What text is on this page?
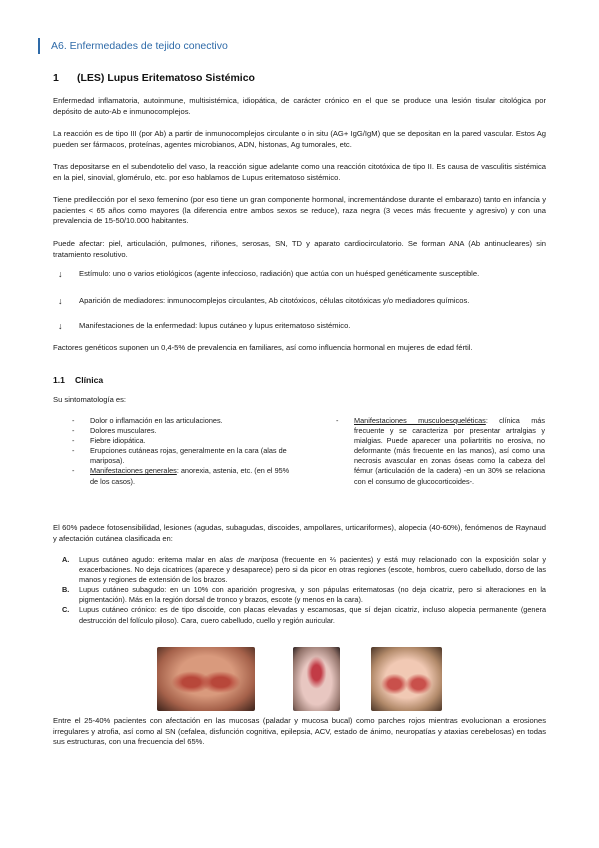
A6. Enfermedades de tejido conectivo
1 (LES) Lupus Eritematoso Sistémico
Enfermedad inflamatoria, autoinmune, multisistémica, idiopática, de carácter crónico en el que se produce una lesión tisular citológica por depósito de auto-Ab e inmunocomplejos.
La reacción es de tipo III (por Ab) a partir de inmunocomplejos circulante o in situ (AG+ IgG/IgM) que se depositan en la pared vascular. Estos Ag pueden ser fármacos, proteínas, agentes microbianos, ADN, histonas, Ag tumorales, etc.
Tras depositarse en el subendotelio del vaso, la reacción sigue adelante como una reacción citotóxica de tipo II. Es causa de vasculitis sistémica en la piel, sinovial, glomérulo, etc. por eso hablamos de Lupus eritematoso sistémico.
Tiene predilección por el sexo femenino (por eso tiene un gran componente hormonal, incrementándose durante el embarazo) tanto en infancia y pacientes < 65 años como mayores (la diferencia entre ambos sexos se reduce), raza negra (3 veces más frecuente y agresivo) y con una prevalencia de 15-50/10.000 habitantes.
Puede afectar: piel, articulación, pulmones, riñones, serosas, SN, TD y aparato cardiocirculatorio. Se forman ANA (Ab antinucleares) sin tratamiento resolutivo.
↓ Estímulo: uno o varios etiológicos (agente infeccioso, radiación) que actúa con un huésped genéticamente susceptible.
↓ Aparición de mediadores: inmunocomplejos circulantes, Ab citotóxicos, células citotóxicas y/o mediadores químicos.
↓ Manifestaciones de la enfermedad: lupus cutáneo y lupus eritematoso sistémico.
Factores genéticos suponen un 0,4-5% de prevalencia en familiares, así como influencia hormonal en mujeres de edad fértil.
1.1 Clínica
Su sintomatología es:
- Dolor o inflamación en las articulaciones.
- Dolores musculares.
- Fiebre idiopática.
- Erupciones cutáneas rojas, generalmente en la cara (alas de mariposa).
- Manifestaciones generales: anorexia, astenia, etc. (en el 95% de los casos).
- Manifestaciones musculoesqueléticas: clínica más frecuente y se caracteriza por presentar artralgias y mialgias. Puede aparecer una poliartritis no erosiva, no deformante (más frecuente en las manos), así como una necrosis avascular en zonas óseas como la cabeza del fémur (articulación de la cadera) -en un 30% se relaciona con el consumo de glucocorticoides-.
El 60% padece fotosensibilidad, lesiones (agudas, subagudas, discoides, ampollares, urticariformes), alopecia (40-60%), fenómenos de Raynaud y afectación cutánea clasificada en:
A. Lupus cutáneo agudo: eritema malar en alas de mariposa (frecuente en ⅔ pacientes) y está muy relacionado con la exposición solar y exacerbaciones. No deja cicatrices (aparece y desaparece) pero si da picor en otras regiones (escote, hombros, cuero cabelludo, dorso de las manos y regiones de extensión de los brazos.
B. Lupus cutáneo subagudo: en un 10% con aparición progresiva, y son pápulas eritematosas (no deja cicatriz, pero si alteraciones en la pigmentación). Más en la región dorsal de tronco y brazos, escote (y menos en la cara).
C. Lupus cutáneo crónico: es de tipo discoide, con placas elevadas y escamosas, que sí dejan cicatriz, incluso alopecia permanente (genera destrucción del folículo piloso). Cara, cuero cabelludo, cuello y región auricular.
Entre el 25-40% pacientes con afectación en las mucosas (paladar y mucosa bucal) como parches rojos mientras evolucionan a erosiones irregulares y atrofia, así como al SN (cefalea, disfunción cognitiva, epilepsia, ACV, estado de ánimo, neuropatías y ataxias cerebelosas) en todas sus estructuras, con una frecuencia del 65%.
